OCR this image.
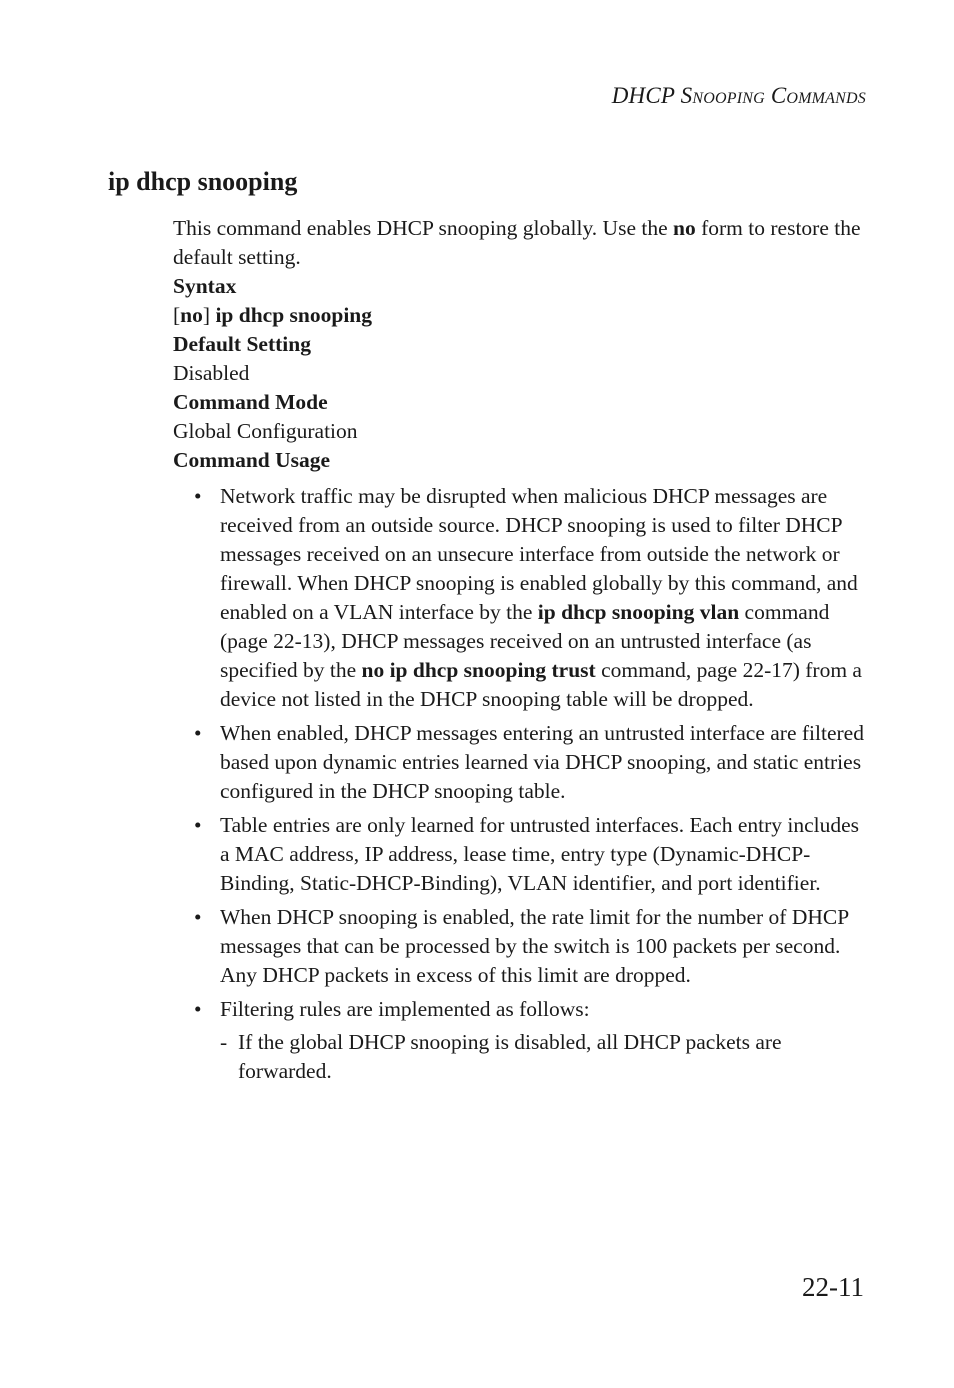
DHCP SNOOPING COMMANDS
ip dhcp snooping

This command enables DHCP snooping globally. Use the no form to restore the default setting.

Syntax

[no] ip dhcp snooping

Default Setting

Disabled

Command Mode

Global Configuration

Command Usage

• Network traffic may be disrupted when malicious DHCP messages are received from an outside source. DHCP snooping is used to filter DHCP messages received on an unsecure interface from outside the network or firewall. When DHCP snooping is enabled globally by this command, and enabled on a VLAN interface by the ip dhcp snooping vlan command (page 22-13), DHCP messages received on an untrusted interface (as specified by the no ip dhcp snooping trust command, page 22-17) from a device not listed in the DHCP snooping table will be dropped.
• When enabled, DHCP messages entering an untrusted interface are filtered based upon dynamic entries learned via DHCP snooping, and static entries configured in the DHCP snooping table.
• Table entries are only learned for untrusted interfaces. Each entry includes a MAC address, IP address, lease time, entry type (Dynamic-DHCP-Binding, Static-DHCP-Binding), VLAN identifier, and port identifier.
• When DHCP snooping is enabled, the rate limit for the number of DHCP messages that can be processed by the switch is 100 packets per second. Any DHCP packets in excess of this limit are dropped.
• Filtering rules are implemented as follows:
- If the global DHCP snooping is disabled, all DHCP packets are forwarded.
22-11
